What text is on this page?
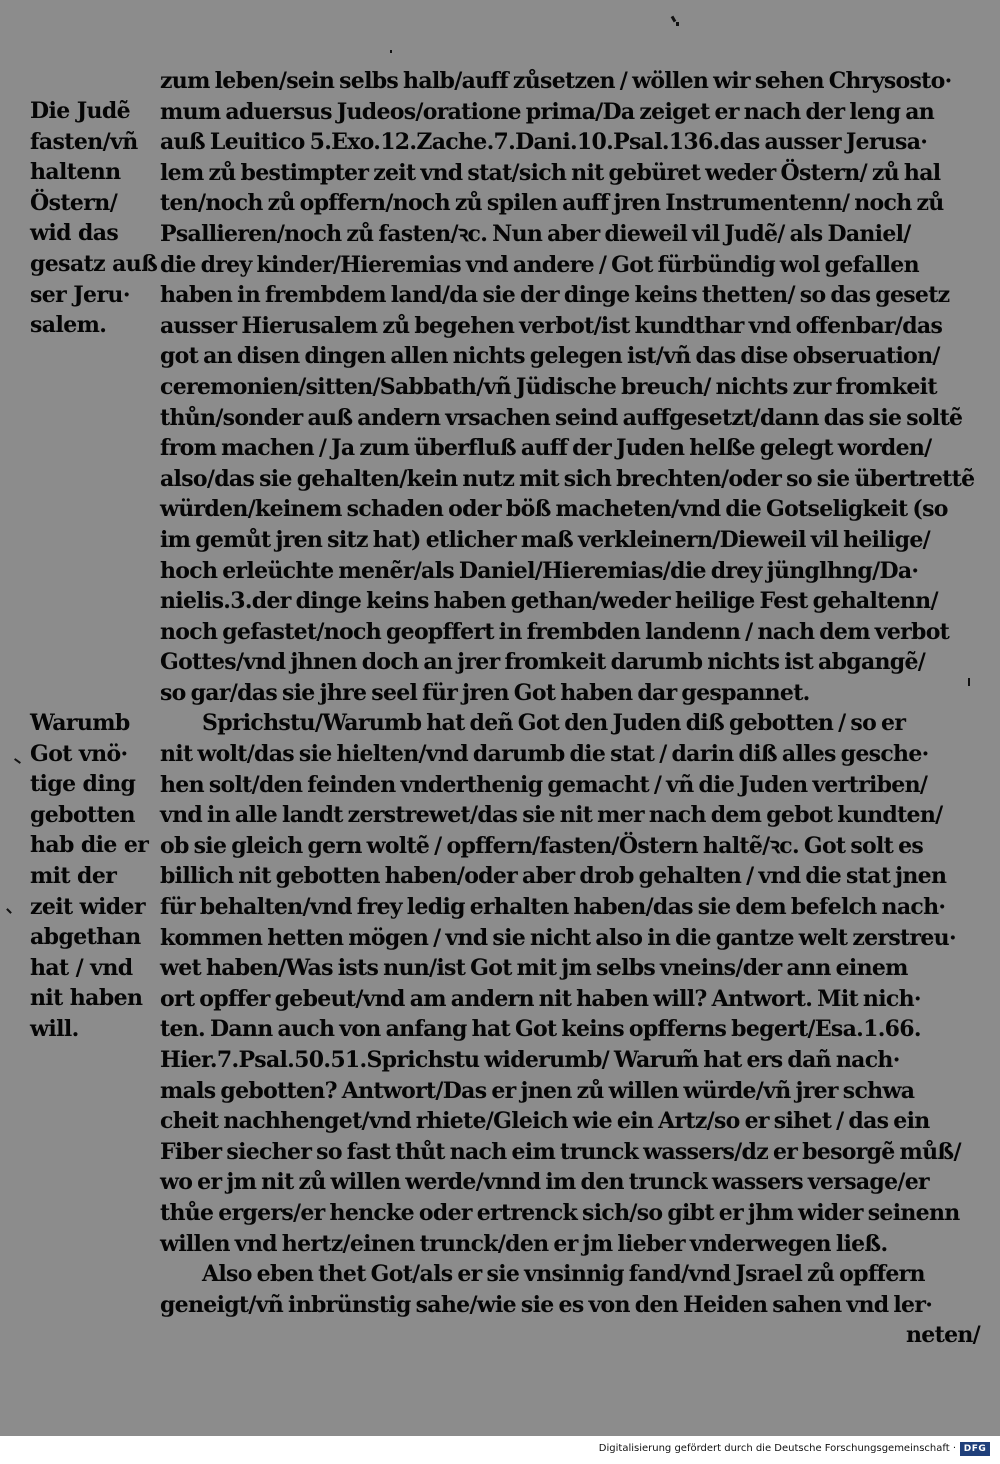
Die Judẽ
fasten/vñ
haltenn
Östern/
wid das
gesatz auß
ser Jeru·
salem.
Warumb
Got vnö·
tige ding
gebotten
hab die er
mit der
zeit wider
abgethan
hat / vnd
nit haben
will.
zum leben/sein selbs halb/auff zůsetzen / wöllen wir sehen Chrysosto·
mum aduersus Judeos/oratione prima/Da zeiget er nach der leng an
auß Leuitico 5.Exo.12.Zache.7.Dani.10.Psal.136.das ausser Jerusa·
lem zů bestimpter zeit vnd stat/sich nit gebüret weder Östern/ zů hal
ten/noch zů opffern/noch zů spilen auff jren Instrumentenn/ noch zů
Psallieren/noch zů fasten/ꝛc. Nun aber dieweil vil Judẽ/ als Daniel/
die drey kinder/Hieremias vnd andere / Got fürbündig wol gefallen
haben in frembdem land/da sie der dinge keins thetten/ so das gesetz
ausser Hierusalem zů begehen verbot/ist kundthar vnd offenbar/das
got an disen dingen allen nichts gelegen ist/vñ das dise obseruation/
ceremonien/sitten/Sabbath/vñ Jüdische breuch/ nichts zur fromkeit
thůn/sonder auß andern vrsachen seind auffgesetzt/dann das sie soltẽ
from machen / Ja zum überfluß auff der Juden helße gelegt worden/
also/das sie gehalten/kein nutz mit sich brechten/oder so sie übertrettẽ
würden/keinem schaden oder böß macheten/vnd die Gotseligkeit (so
im gemůt jren sitz hat) etlicher maß verkleinern/Dieweil vil heilige/
hoch erleüchte menẽr/als Daniel/Hieremias/die drey jünglhng/Da·
nielis.3.der dinge keins haben gethan/weder heilige Fest gehaltenn/
noch gefastet/noch geopffert in frembden landenn / nach dem verbot
Gottes/vnd jhnen doch an jrer fromkeit darumb nichts ist abgangẽ/
so gar/das sie jhre seel für jren Got haben dar gespannet.
Sprichstu/Warumb hat deñ Got den Juden diß gebotten / so er
nit wolt/das sie hielten/vnd darumb die stat / darin diß alles gesche·
hen solt/den feinden vnderthenig gemacht / vñ die Juden vertriben/
vnd in alle landt zerstrewet/das sie nit mer nach dem gebot kundten/
ob sie gleich gern woltẽ / opffern/fasten/Östern haltẽ/ꝛc. Got solt es
billich nit gebotten haben/oder aber drob gehalten / vnd die stat jnen
für behalten/vnd frey ledig erhalten haben/das sie dem befelch nach·
kommen hetten mögen / vnd sie nicht also in die gantze welt zerstreu·
wet haben/Was ists nun/ist Got mit jm selbs vneins/der ann einem
ort opffer gebeut/vnd am andern nit haben will? Antwort. Mit nich·
ten. Dann auch von anfang hat Got keins opfferns begert/Esa.1.66.
Hier.7.Psal.50.51.Sprichstu widerumb/ Warum̃ hat ers dañ nach·
mals gebotten? Antwort/Das er jnen zů willen würde/vñ jrer schwa
cheit nachhenget/vnd rhiete/Gleich wie ein Artz/so er sihet / das ein
Fiber siecher so fast thůt nach eim trunck wassers/dz er besorgẽ můß/
wo er jm nit zů willen werde/vnnd im den trunck wassers versage/er
thůe ergers/er hencke oder ertrenck sich/so gibt er jhm wider seinenn
willen vnd hertz/einen trunck/den er jm lieber vnderwegen ließ.
Also eben thet Got/als er sie vnsinnig fand/vnd Jsrael zů opffern
geneigt/vñ inbrünstig sahe/wie sie es von den Heiden sahen vnd ler·
neten/
Digitalisierung gefördert durch die Deutsche Forschungsgemeinschaft · DFG
